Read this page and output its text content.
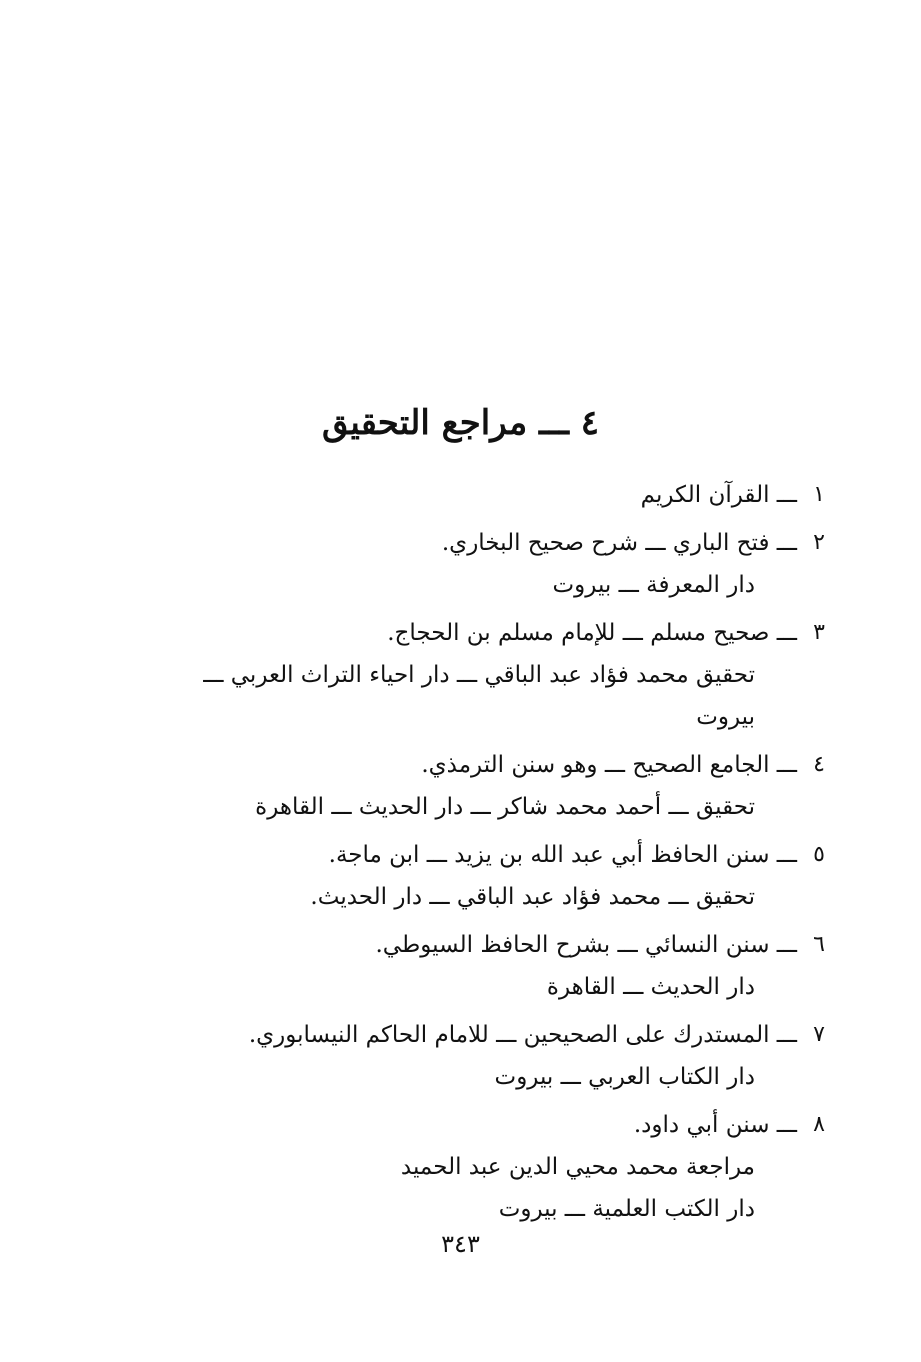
٤ ـــ مراجع التحقيق
١
ـــ القرآن الكريم
٢
ـــ فتح الباري ـــ شرح صحيح البخاري.
دار المعرفة ـــ بيروت
٣
ـــ صحيح مسلم ـــ للإمام مسلم بن الحجاج.
تحقيق محمد فؤاد عبد الباقي ـــ دار احياء التراث العربي ـــ
بيروت
٤
ـــ الجامع الصحيح ـــ وهو سنن الترمذي.
تحقيق ـــ أحمد محمد شاكر ـــ دار الحديث ـــ القاهرة
٥
ـــ سنن الحافظ أبي عبد الله بن يزيد ـــ ابن ماجة.
تحقيق ـــ محمد فؤاد عبد الباقي ـــ دار الحديث.
٦
ـــ سنن النسائي ـــ بشرح الحافظ السيوطي.
دار الحديث ـــ القاهرة
٧
ـــ المستدرك على الصحيحين ـــ للامام الحاكم النيسابوري.
دار الكتاب العربي ـــ بيروت
٨
ـــ سنن أبي داود.
مراجعة محمد محيي الدين عبد الحميد
دار الكتب العلمية ـــ بيروت
٣٤٣
